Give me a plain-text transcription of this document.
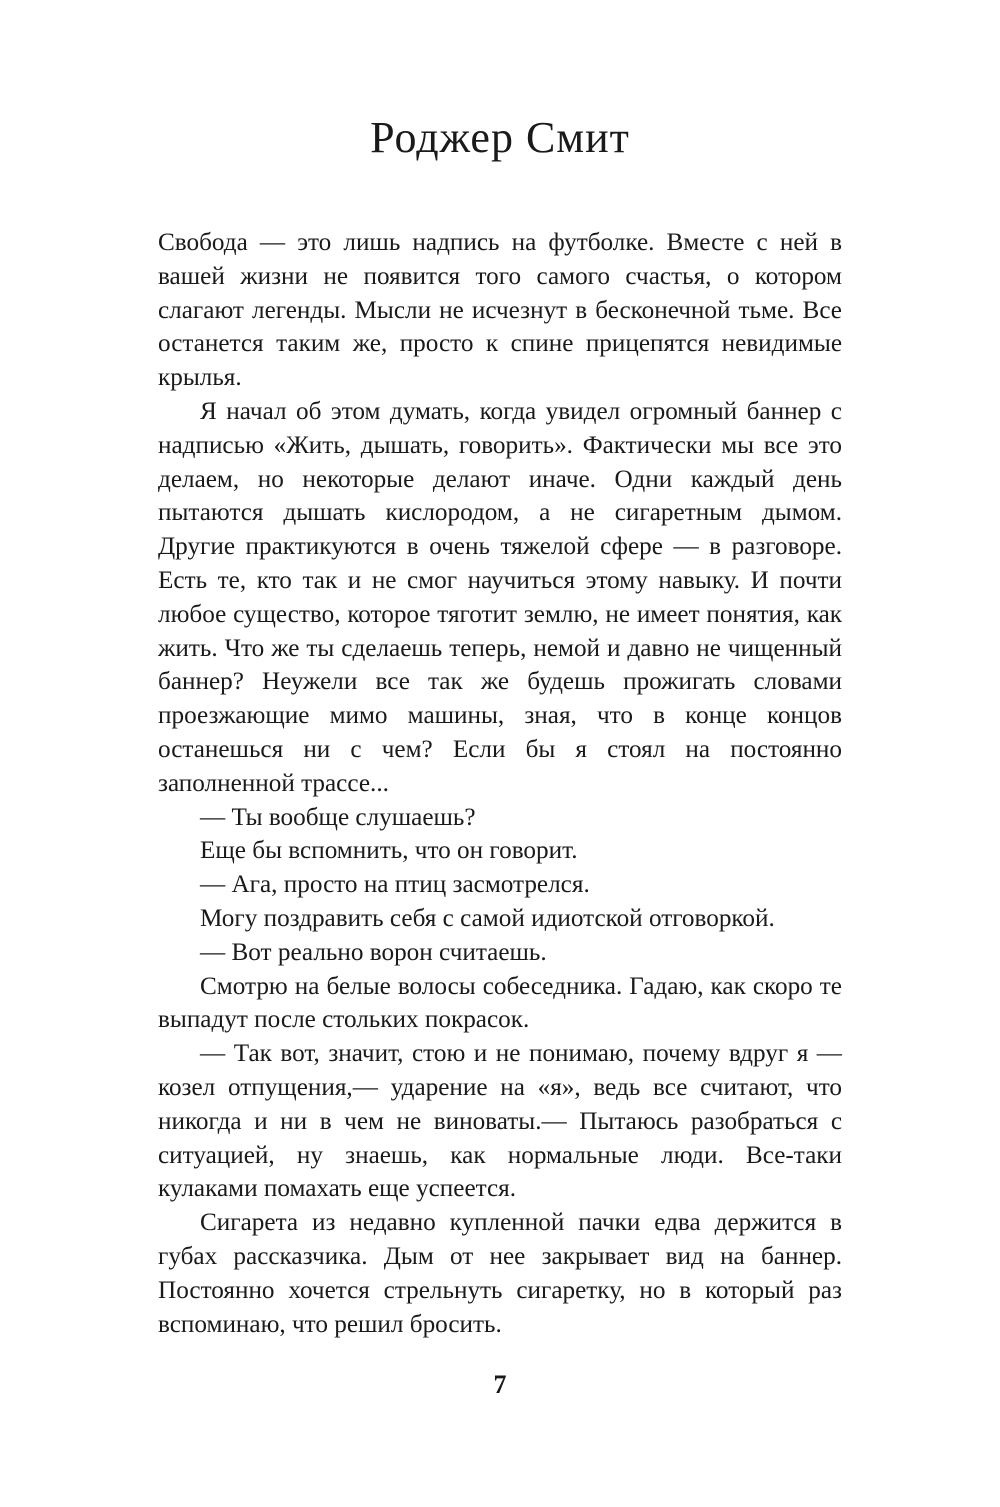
Роджер Смит

Свобода — это лишь надпись на футболке. Вместе с ней в вашей жизни не появится того самого счастья, о котором слагают легенды. Мысли не исчезнут в бесконечной тьме. Все останется таким же, просто к спине прицепятся невидимые крылья.

Я начал об этом думать, когда увидел огромный баннер с надписью «Жить, дышать, говорить». Фактически мы все это делаем, но некоторые делают иначе. Одни каждый день пытаются дышать кислородом, а не сигаретным дымом. Другие практикуются в очень тяжелой сфере — в разговоре. Есть те, кто так и не смог научиться этому навыку. И почти любое существо, которое тяготит землю, не имеет понятия, как жить. Что же ты сделаешь теперь, немой и давно не чищенный баннер? Неужели все так же будешь прожигать словами проезжающие мимо машины, зная, что в конце концов останешься ни с чем? Если бы я стоял на постоянно заполненной трассе...

— Ты вообще слушаешь?

Еще бы вспомнить, что он говорит.

— Ага, просто на птиц засмотрелся.

Могу поздравить себя с самой идиотской отговоркой.

— Вот реально ворон считаешь.

Смотрю на белые волосы собеседника. Гадаю, как скоро те выпадут после стольких покрасок.

— Так вот, значит, стою и не понимаю, почему вдруг я — козел отпущения,— ударение на «я», ведь все считают, что никогда и ни в чем не виноваты.— Пытаюсь разобраться с ситуацией, ну знаешь, как нормальные люди. Все-таки кулаками помахать еще успеется.

Сигарета из недавно купленной пачки едва держится в губах рассказчика. Дым от нее закрывает вид на баннер. Постоянно хочется стрельнуть сигаретку, но в который раз вспоминаю, что решил бросить.

7
